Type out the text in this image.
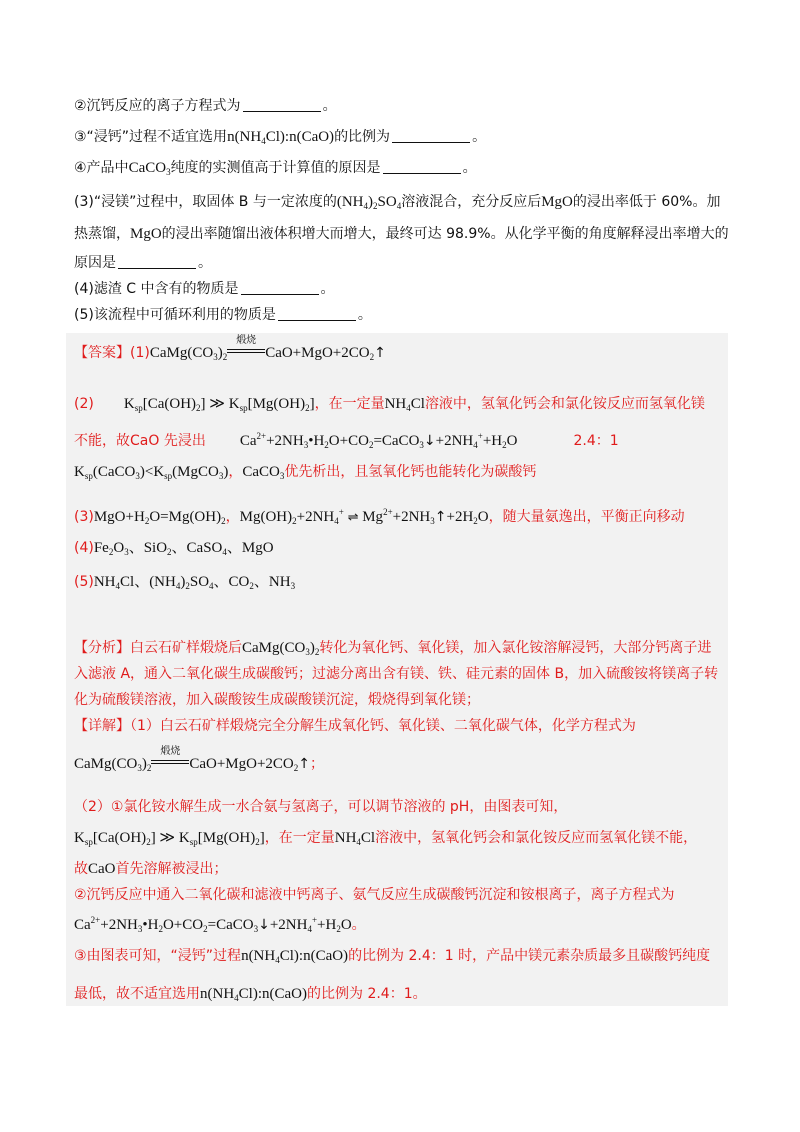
②沉钙反应的离子方程式为	。
③“浸钙”过程不适宜选用$n(NH_4Cl):n(CaO)$的比例为	。
④产品中CaCO$_3$纯度的实测值高于计算值的原因是	。
(3)“浸镁”过程中，取固体 B 与一定浓度的$(NH_4)_2SO_4$溶液混合，充分反应后MgO的浸出率低于 60%。加
热蒸馏，MgO的浸出率随馏出液体积增大而增大，最终可达 98.9%。从化学平衡的角度解释浸出率增大的
原因是	。
(4)滤渣 C 中含有的物质是	。
(5)该流程中可循环利用的物质是	。
【答案】$(1)CaMg(CO_3)_2$
煅烧
$CaO+MgO+2CO_2↑$
(2) $K_{sp}[Ca(OH)_2]$ ≫ $K_{sp}[Mg(OH)_2]$，在一定量$NH_4Cl$溶液中，氢氧化钙会和氯化铵反应而氢氧化镁
不能，故CaO 先浸出 $Ca^{2+}+2NH_3•H_2O+CO_2=CaCO_3↓+2NH_4^++H_2O$	2.4：1
$K_{sp}(CaCO_3)<K_{sp}(MgCO_3)$，CaCO$_3$优先析出，且氢氧化钙也能转化为碳酸钙
$(3)MgO+H_2O=Mg(OH)_2$，$Mg(OH)_2+2NH_4^+$ ⇌ $Mg^{2+}+2NH_3↑+2H_2O$，随大量氨逸出，平衡正向移动
$(4)Fe_2O_3$、SiO$_2$、CaSO$_4$、MgO
$(5)NH_4Cl$、$(NH_4)_2SO_4$、$CO_2$、$NH_3$
【分析】白云石矿样煅烧后$CaMg(CO_3)_2$转化为氧化钙、氧化镁，加入氯化铵溶解浸钙，大部分钙离子进
入滤液 A，通入二氧化碳生成碳酸钙；过滤分离出含有镁、铁、硅元素的固体 B，加入硫酸铵将镁离子转
化为硫酸镁溶液，加入碳酸铵生成碳酸镁沉淀，煅烧得到氧化镁；
【详解】（1）白云石矿样煅烧完全分解生成氧化钙、氧化镁、二氧化碳气体，化学方程式为
$CaMg(CO_3)_2$
煅烧
$CaO+MgO+2CO_2↑$；
（2）①氯化铵水解生成一水合氨与氢离子，可以调节溶液的 pH，由图表可知，
$K_{sp}[Ca(OH)_2]$ ≫ $K_{sp}[Mg(OH)_2]$，在一定量$NH_4Cl$溶液中，氢氧化钙会和氯化铵反应而氢氧化镁不能，
故CaO首先溶解被浸出；
②沉钙反应中通入二氧化碳和滤液中钙离子、氨气反应生成碳酸钙沉淀和铵根离子，离子方程式为
$Ca^{2+}+2NH_3•H_2O+CO_2=CaCO_3↓+2NH_4^++H_2O$。
③由图表可知，“浸钙”过程$n(NH_4Cl):n(CaO)$的比例为 2.4：1 时，产品中镁元素杂质最多且碳酸钙纯度
最低，故不适宜选用$n(NH_4Cl):n(CaO)$的比例为 2.4：1。
